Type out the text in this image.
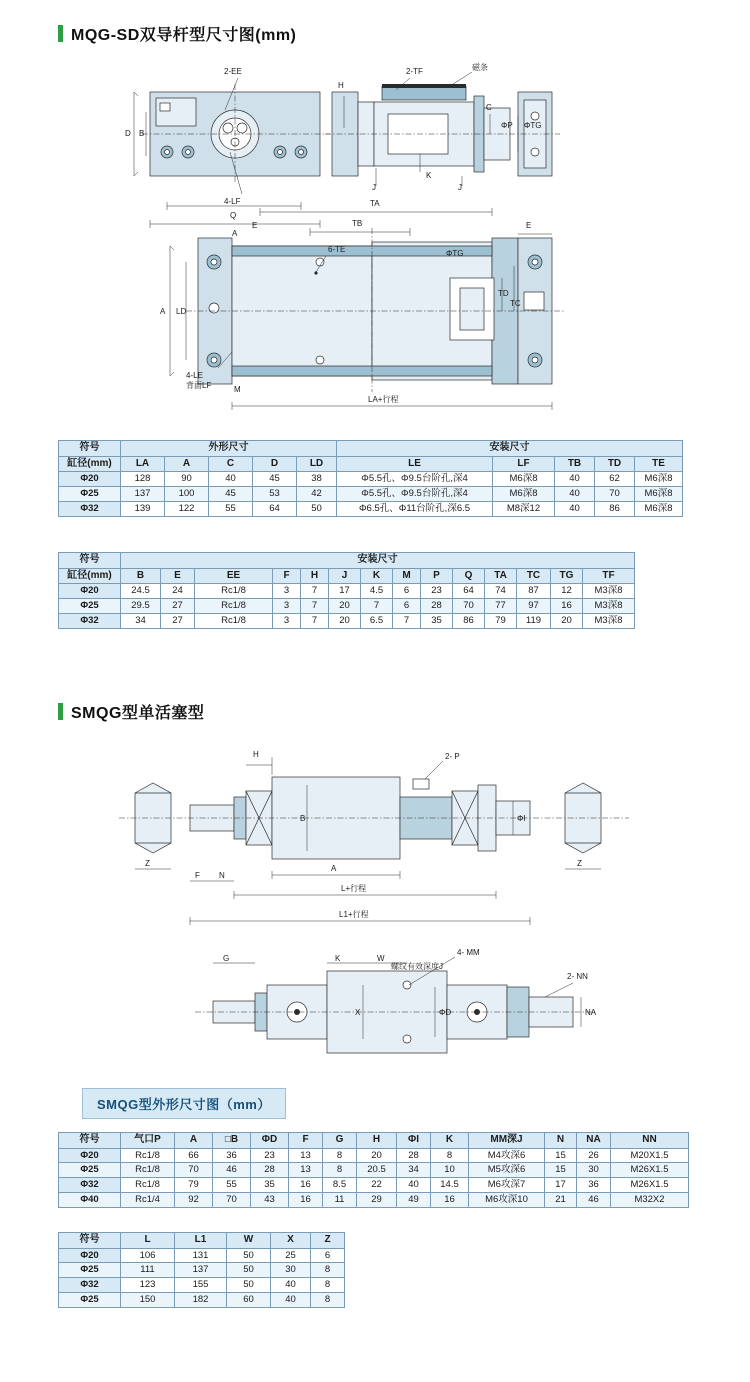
MQG-SD双导杆型尺寸图(mm)
2-EE
4-LF
D B
Q
A
2-TF	磁条
H
K
J
J
C
ΦP ΦTG
6-TE
4-LE
背面LF	M
TA
TB
E	E
A LD
TD
TC
ΦTG
LA+行程
符号	外形尺寸					安装尺寸				
缸径(mm)	LA	A	C	D	LD	LE	LF	TB	TD	TE
Φ20	128	90	40	45	38	Φ5.5孔、Φ9.5台阶孔,深4	M6深8	40	62	M6深8
Φ25	137	100	45	53	42	Φ5.5孔、Φ9.5台阶孔,深4	M6深8	40	70	M6深8
Φ32	139	122	55	64	50	Φ6.5孔、Φ11台阶孔,深6.5	M8深12	40	86	M6深8
符号	安装尺寸													
缸径(mm)	B	E	EE	F	H	J	K	M	P	Q	TA	TC	TG	TF
Φ20	24.5	24	Rc1/8	3	7	17	4.5	6	23	64	74	87	12	M3深8
Φ25	29.5	27	Rc1/8	3	7	20	7	6	28	70	77	97	16	M3深8
Φ32	34	27	Rc1/8	3	7	20	6.5	7	35	86	79	119	20	M3深8
SMQG型单活塞型
2- P
H
B	ΦI
A
L+行程
L1+行程
F N
Z	Z
4- MM
螺纹有效深度J
G	K	W
X	ΦD
2- NN
NA
SMQG型外形尺寸图（mm）
符号	气口P	A	□B	ΦD	F	G	H	ΦI	K	MM深J	N	NA	NN
Φ20	Rc1/8	66	36	23	13	8	20	28	8	M4攻深6	15	26	M20X1.5
Φ25	Rc1/8	70	46	28	13	8	20.5	34	10	M5攻深6	15	30	M26X1.5
Φ32	Rc1/8	79	55	35	16	8.5	22	40	14.5	M6攻深7	17	36	M26X1.5
Φ40	Rc1/4	92	70	43	16	11	29	49	16	M6攻深10	21	46	M32X2
符号	L	L1	W	X	Z
Φ20	106	131	50	25	6
Φ25	111	137	50	30	8
Φ32	123	155	50	40	8
Φ25	150	182	60	40	8
